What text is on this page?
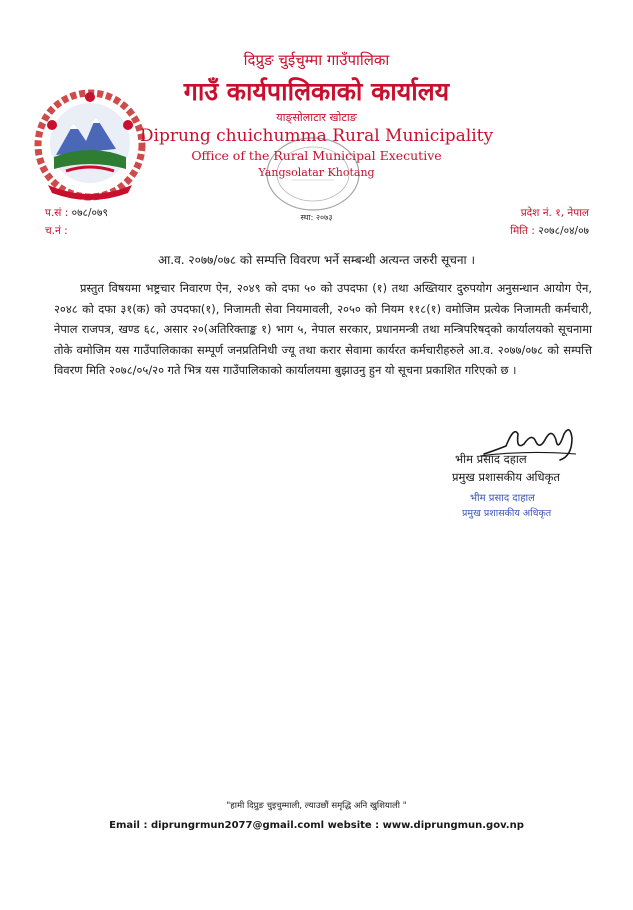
दिप्रुङ चुईचुम्मा गाउँपालिका
गाउँ कार्यपालिकाको कार्यालय
याङ्सोलाटार खोटाङ
Diprung chuichumma Rural Municipality
Office of the Rural Municipal Executive
Yangsolatar Khotang
स्था: २०७३
प.सं : ०७८/०७९
च.नं :
प्रदेश नं. १, नेपाल
मिति : २०७८/०४/०७
आ.व. २०७७/०७८ को सम्पत्ति विवरण भर्ने सम्बन्धी अत्यन्त जरुरी सूचना ।
प्रस्तुत विषयमा भष्ट्रचार निवारण ऐन, २०४९ को दफा ५० को उपदफा (१) तथा अख्तियार दुरुपयोग अनुसन्धान आयोग ऐन, २०४८ को दफा ३१(क) को उपदफा(१), निजामती सेवा नियमावली, २०५० को नियम ११८(१) वमोजिम प्रत्येक निजामती कर्मचारी, नेपाल राजपत्र, खण्ड ६८, असार २०(अतिरिक्ताङ्क १) भाग ५, नेपाल सरकार, प्रधानमन्त्री तथा मन्त्रिपरिषद्को कार्यालयको सूचनामा तोके वमोजिम यस गाउँपालिकाका सम्पूर्ण जनप्रतिनिधी ज्यू तथा करार सेवामा कार्यरत कर्मचारीहरुले आ.व. २०७७/०७८ को सम्पत्ति विवरण मिति २०७८/०५/२० गते भित्र यस गाउँपालिकाको कार्यालयमा बुझाउनु हुन यो सूचना प्रकाशित गरिएको छ ।
भीम प्रसाद दहाल
प्रमुख प्रशासकीय अधिकृत
भीम प्रसाद दाहाल
प्रमुख प्रशासकीय अधिकृत
"हामी दिप्रुङ चुइचुम्माली, ल्याउछौं समृद्धि अनि खुशियाली "
Email : diprungrmun2077@gmail.coml website : www.diprungmun.gov.np
